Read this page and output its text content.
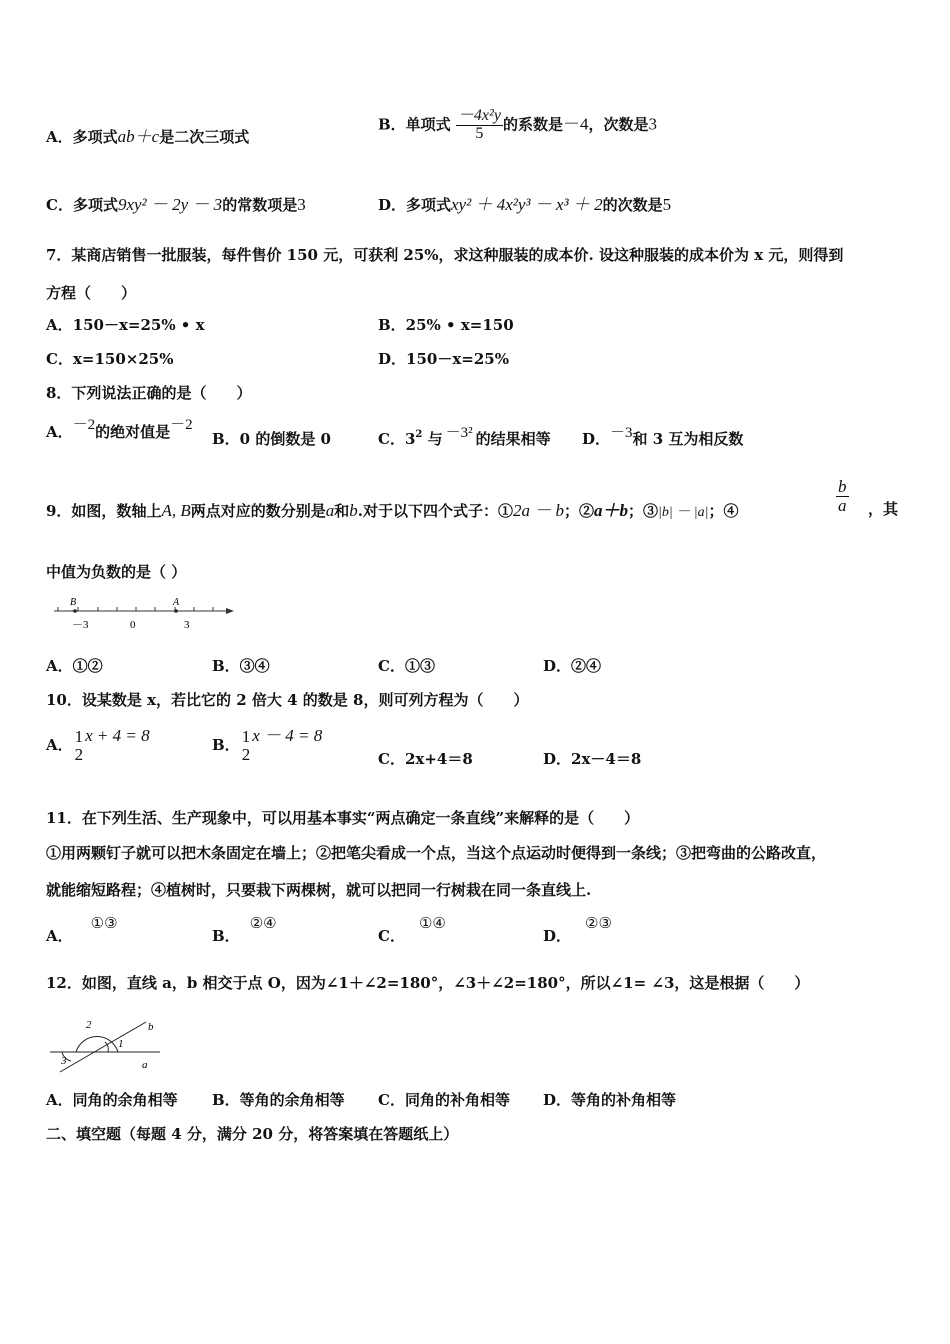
A．多项式ab＋c是二次三项式
B．单项式 $\frac{\text{－4x²y}}{5}$ 的系数是－4，次数是3
C．多项式9xy² － 2y － 3的常数项是3	D．多项式xy² ＋ 4x²y³ － x³ ＋ 2的次数是5
7．某商店销售一批服装，每件售价 150 元，可获利 25%，求这种服装的成本价. 设这种服装的成本价为 x 元，则得到
方程（　　）
A．150－x=25% • x	B．25% • x=150
C．x=150×25%	D．150－x=25%
8．下列说法正确的是（　　）
A．－2的绝对值是－2
B．0 的倒数是 0	C．32 与 －3² 的结果相等 D．－3和 3 互为相反数
9．如图，数轴上A, B两点对应的数分别是a和b.对于以下四个式子：①2a － b；②a＋b；③|b| － |a|；④	$\frac{b}{a}$ ，其
中值为负数的是（ ）
B	A
－3	0	3
A．①②	B．③④	C．①③	D．②④
10．设某数是 x，若比它的 2 倍大 4 的数是 8，则可列方程为（　　）
A． 1
2
x + 4 = 8	B． 1
2
x － 4 = 8
C．2x+4＝8	D．2x－4＝8
11．在下列生活、生产现象中，可以用基本事实“两点确定一条直线”来解释的是（　　）
①用两颗钉子就可以把木条固定在墙上；②把笔尖看成一个点，当这个点运动时便得到一条线；③把弯曲的公路改直，
就能缩短路程；④植树时，只要栽下两棵树，就可以把同一行树栽在同一条直线上.
A．①③
B．②④
C．①④
D．②③
12．如图，直线 a，b 相交于点 O，因为∠1＋∠2=180°，∠3＋∠2=180°，所以∠1= ∠3，这是根据（　　）
2
1
3
b
a
A．同角的余角相等 B．等角的余角相等 C．同角的补角相等 D．等角的补角相等
二、填空题（每题 4 分，满分 20 分，将答案填在答题纸上）
